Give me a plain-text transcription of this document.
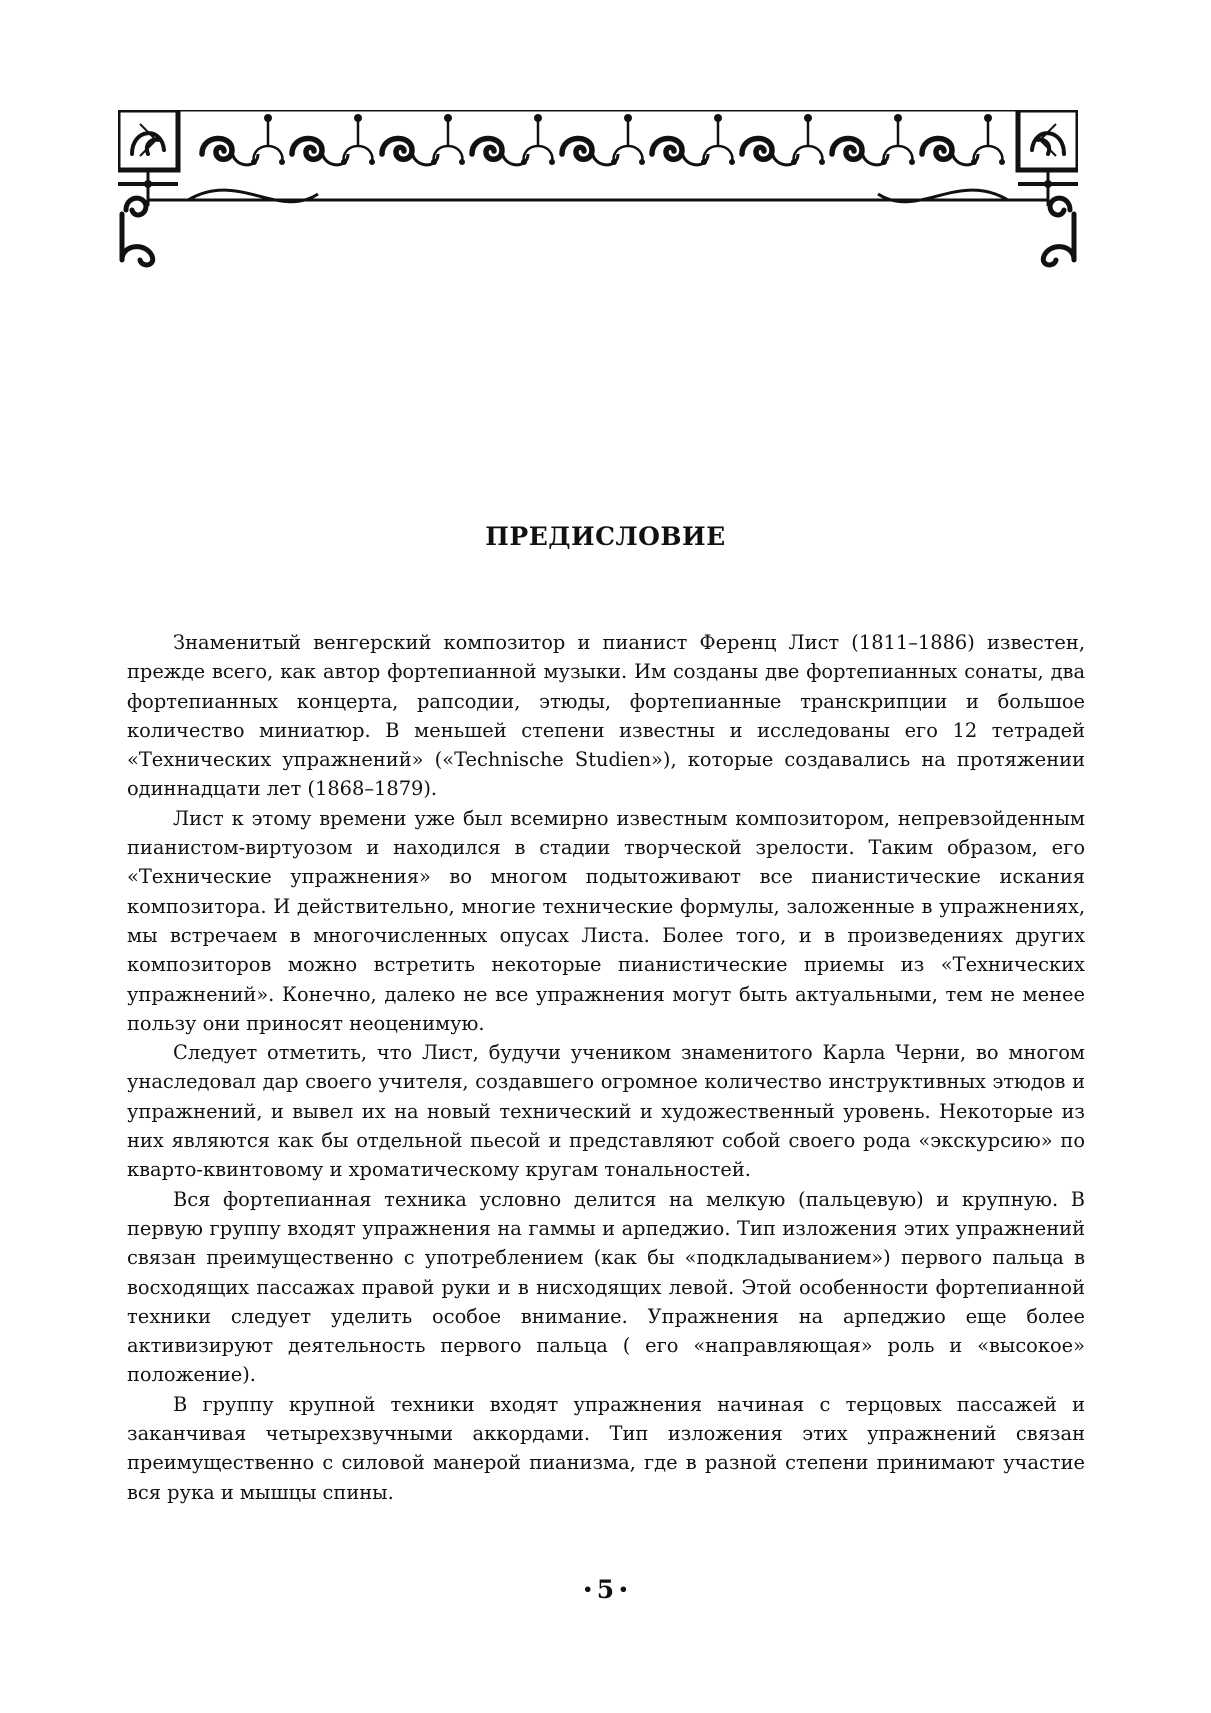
ПРЕДИСЛОВИЕ

Знаменитый венгерский композитор и пианист Ференц Лист (1811–1886) известен, прежде всего, как автор фортепианной музыки. Им созданы две фортепианных сонаты, два фортепианных концерта, рапсодии, этюды, фортепианные транскрипции и большое количество миниатюр. В меньшей степени известны и исследованы его 12 тетрадей «Технических упражнений» («Technische Studien»), которые создавались на протяжении одиннадцати лет (1868–1879).

Лист к этому времени уже был всемирно известным композитором, непревзойденным пианистом-виртуозом и находился в стадии творческой зрелости. Таким образом, его «Технические упражнения» во многом подытоживают все пианистические искания композитора. И действительно, многие технические формулы, заложенные в упражнениях, мы встречаем в многочисленных опусах Листа. Более того, и в произведениях других композиторов можно встретить некоторые пианистические приемы из «Технических упражнений». Конечно, далеко не все упражнения могут быть актуальными, тем не менее пользу они приносят неоценимую.

Следует отметить, что Лист, будучи учеником знаменитого Карла Черни, во многом унаследовал дар своего учителя, создавшего огромное количество инструктивных этюдов и упражнений, и вывел их на новый технический и художественный уровень. Некоторые из них являются как бы отдельной пьесой и представляют собой своего рода «экскурсию» по кварто-квинтовому и хроматическому кругам тональностей.

Вся фортепианная техника условно делится на мелкую (пальцевую) и крупную. В первую группу входят упражнения на гаммы и арпеджио. Тип изложения этих упражнений связан преимущественно с употреблением (как бы «подкладыванием») первого пальца в восходящих пассажах правой руки и в нисходящих левой. Этой особенности фортепианной техники следует уделить особое внимание. Упражнения на арпеджио еще более активизируют деятельность первого пальца ( его «направляющая» роль и «высокое» положение).

В группу крупной техники входят упражнения начиная с терцовых пассажей и заканчивая четырехзвучными аккордами. Тип изложения этих упражнений связан преимущественно с силовой манерой пианизма, где в разной степени принимают участие вся рука и мышцы спины.

• 5 •
